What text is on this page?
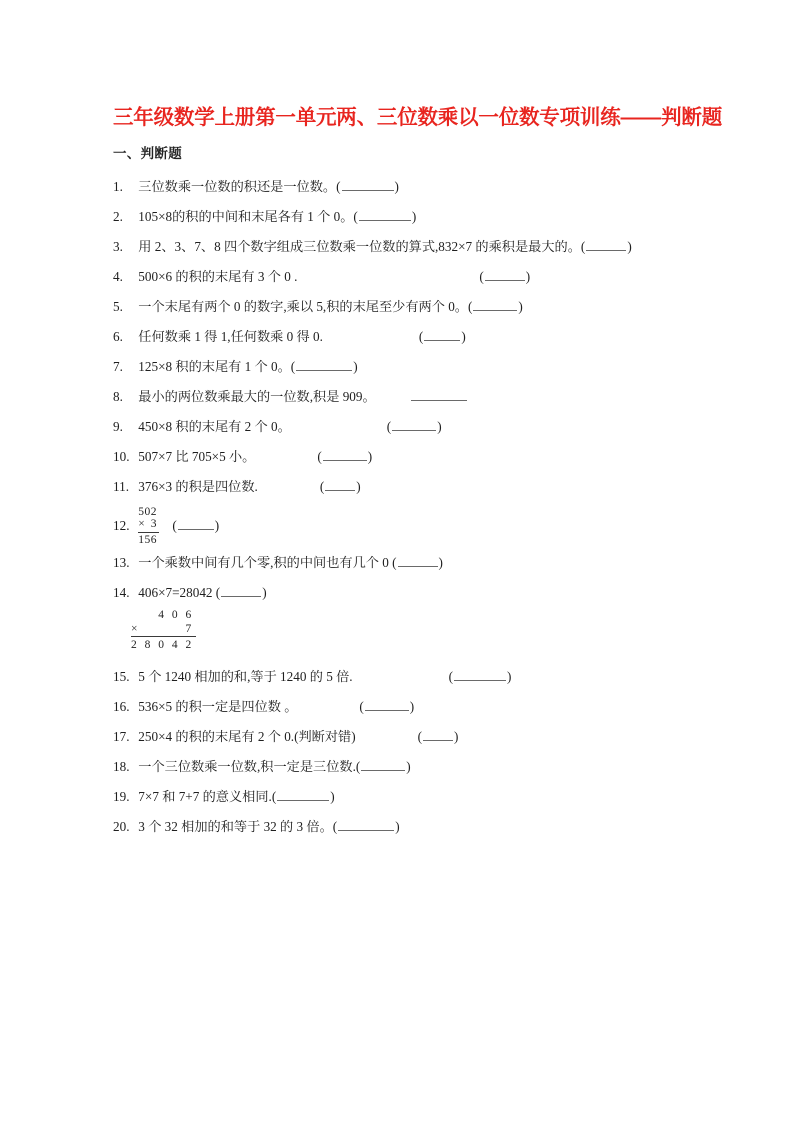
三年级数学上册第一单元两、三位数乘以一位数专项训练——判断题
一、判断题
1. 三位数乘一位数的积还是一位数。(	)
2. 105×8的积的中间和末尾各有 1 个 0。(	)
3. 用 2、3、7、8 四个数字组成三位数乘一位数的算式,832×7 的乘积是最大的。(	)
4. 500×6 的积的末尾有 3 个 0 .	(	)
5. 一个末尾有两个 0 的数字,乘以 5,积的末尾至少有两个 0。(	)
6. 任何数乘 1 得 1,任何数乘 0 得 0.	(	)
7. 125×8 积的末尾有 1 个 0。(	)
8. 最小的两位数乘最大的一位数,积是 909。
9. 450×8 积的末尾有 2 个 0。	(	)
10. 507×7 比 705×5 小。	(	)
11. 376×3 的积是四位数.	( )
12.
502
× 3
156
(	)
13. 一个乘数中间有几个零,积的中间也有几个 0 (	)
14. 406×7=28042 (	)
4 0 6
×	7
2 8 0 4 2
15. 5 个 1240 相加的和,等于 1240 的 5 倍.	(	)
16. 536×5 的积一定是四位数 。	(	)
17. 250×4 的积的末尾有 2 个 0.(判断对错)	( )
18. 一个三位数乘一位数,积一定是三位数.(	)
19. 7×7 和 7+7 的意义相同.(	)
20. 3 个 32 相加的和等于 32 的 3 倍。(	)
